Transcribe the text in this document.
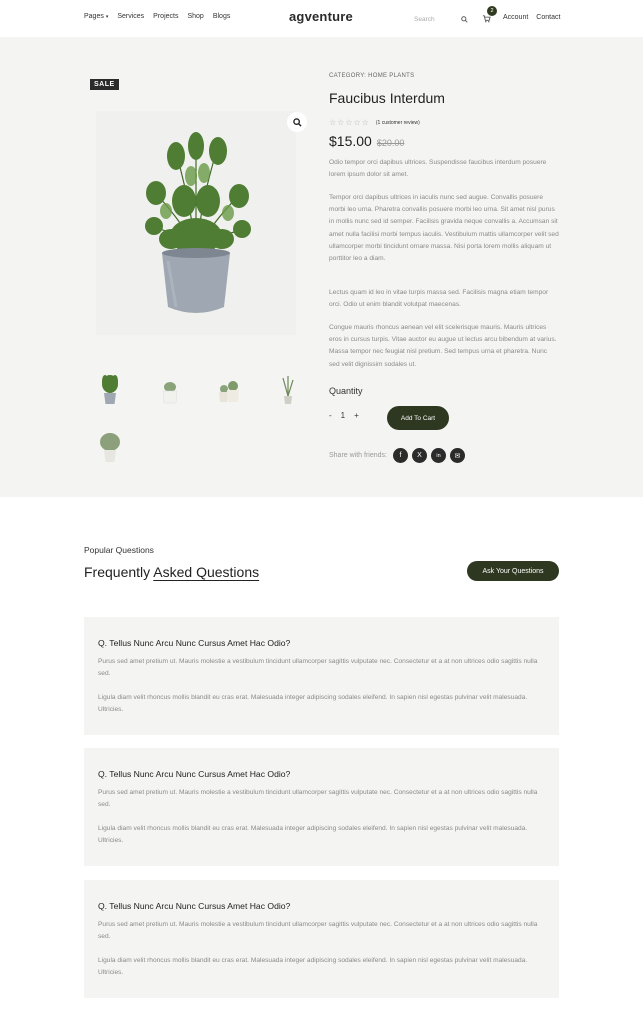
Pages ▾ Services Projects Shop Blogs	agventure	Search
2
Account Contact
SALE
CATEGORY: HOME PLANTS
Faucibus Interdum
☆ ☆ ☆ ☆ ☆ (1 customer review)
$15.00 $20.00

Odio tempor orci dapibus ultrices. Suspendisse faucibus interdum posuere lorem ipsum dolor sit amet.

Tempor orci dapibus ultrices in iaculis nunc sed augue. Convallis posuere morbi leo urna. Pharetra convallis posuere morbi leo urna. Sit amet nisl purus in mollis nunc sed id semper. Facilisis gravida neque convallis a. Accumsan sit amet nulla facilisi morbi tempus iaculis. Vestibulum mattis ullamcorper velit sed ullamcorper morbi tincidunt ornare massa. Nisi porta lorem mollis aliquam ut porttitor leo a diam.

Lectus quam id leo in vitae turpis massa sed. Facilisis magna etiam tempor orci. Odio ut enim blandit volutpat maecenas.

Congue mauris rhoncus aenean vel elit scelerisque mauris. Mauris ultrices eros in cursus turpis. Vitae auctor eu augue ut lectus arcu bibendum at varius. Massa tempor nec feugiat nisl pretium. Sed tempus urna et pharetra. Nunc sed velit dignissim sodales ut.

Quantity
- 1 +	Add To Cart
Share with friends:	f	X	in	✉
Popular Questions
Frequently Asked Questions	Ask Your Questions
Q. Tellus Nunc Arcu Nunc Cursus Amet Hac Odio?

Purus sed amet pretium ut. Mauris molestie a vestibulum tincidunt ullamcorper sagittis vulputate nec. Consectetur et a at non ultrices odio sagittis nulla sed.

Ligula diam velit rhoncus mollis blandit eu cras erat. Malesuada integer adipiscing sodales eleifend. In sapien nisl egestas pulvinar velit malesuada. Ultricies.

Q. Tellus Nunc Arcu Nunc Cursus Amet Hac Odio?

Purus sed amet pretium ut. Mauris molestie a vestibulum tincidunt ullamcorper sagittis vulputate nec. Consectetur et a at non ultrices odio sagittis nulla sed.

Ligula diam velit rhoncus mollis blandit eu cras erat. Malesuada integer adipiscing sodales eleifend. In sapien nisl egestas pulvinar velit malesuada. Ultricies.

Q. Tellus Nunc Arcu Nunc Cursus Amet Hac Odio?

Purus sed amet pretium ut. Mauris molestie a vestibulum tincidunt ullamcorper sagittis vulputate nec. Consectetur et a at non ultrices odio sagittis nulla sed.

Ligula diam velit rhoncus mollis blandit eu cras erat. Malesuada integer adipiscing sodales eleifend. In sapien nisl egestas pulvinar velit malesuada. Ultricies.
